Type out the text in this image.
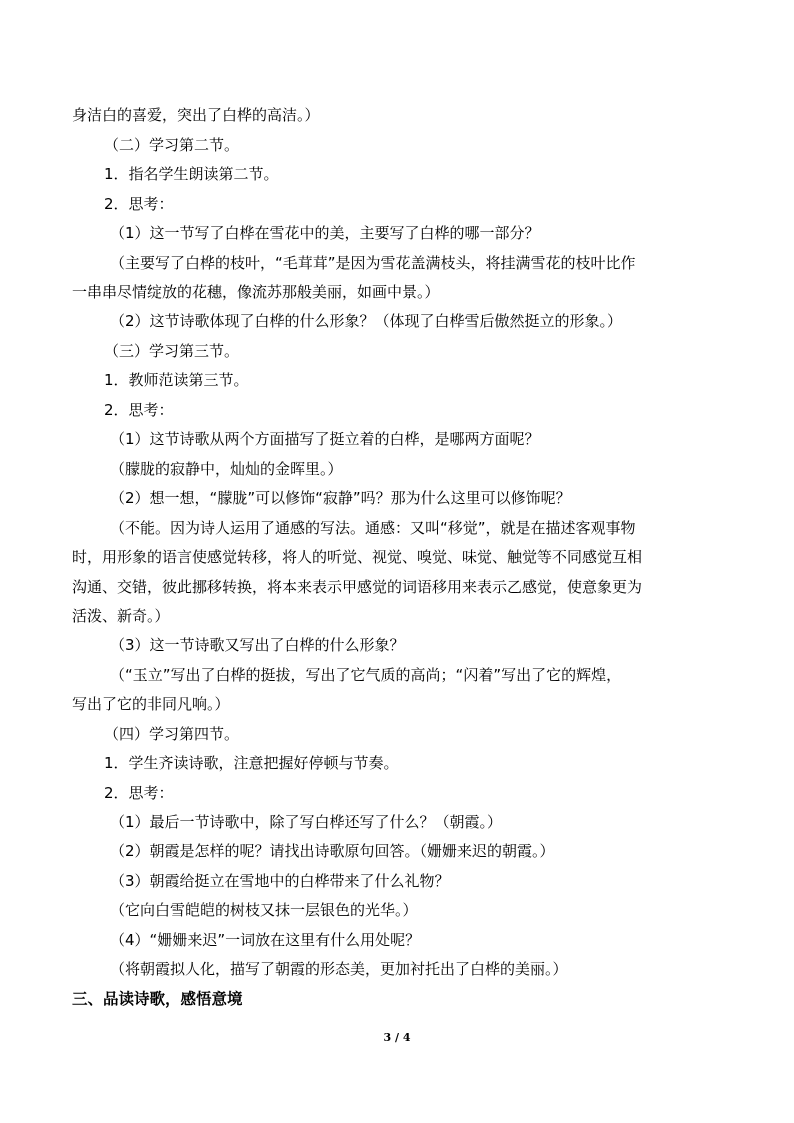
身洁白的喜爱，突出了白桦的高洁。）
（二）学习第二节。
1．指名学生朗读第二节。
2．思考：
（1）这一节写了白桦在雪花中的美，主要写了白桦的哪一部分？
（主要写了白桦的枝叶，“毛茸茸”是因为雪花盖满枝头，将挂满雪花的枝叶比作
一串串尽情绽放的花穗，像流苏那般美丽，如画中景。）
（2）这节诗歌体现了白桦的什么形象？（体现了白桦雪后傲然挺立的形象。）
（三）学习第三节。
1．教师范读第三节。
2．思考：
（1）这节诗歌从两个方面描写了挺立着的白桦，是哪两方面呢？
（朦胧的寂静中，灿灿的金晖里。）
（2）想一想，“朦胧”可以修饰“寂静”吗？那为什么这里可以修饰呢？
（不能。因为诗人运用了通感的写法。通感：又叫“移觉”，就是在描述客观事物
时，用形象的语言使感觉转移，将人的听觉、视觉、嗅觉、味觉、触觉等不同感觉互相
沟通、交错，彼此挪移转换，将本来表示甲感觉的词语移用来表示乙感觉，使意象更为
活泼、新奇。）
（3）这一节诗歌又写出了白桦的什么形象？
（“玉立”写出了白桦的挺拔，写出了它气质的高尚；“闪着”写出了它的辉煌，
写出了它的非同凡响。）
（四）学习第四节。
1．学生齐读诗歌，注意把握好停顿与节奏。
2．思考：
（1）最后一节诗歌中，除了写白桦还写了什么？（朝霞。）
（2）朝霞是怎样的呢？请找出诗歌原句回答。（姗姗来迟的朝霞。）
（3）朝霞给挺立在雪地中的白桦带来了什么礼物？
（它向白雪皑皑的树枝又抹一层银色的光华。）
（4）“姗姗来迟”一词放在这里有什么用处呢？
（将朝霞拟人化，描写了朝霞的形态美，更加衬托出了白桦的美丽。）
三、品读诗歌，感悟意境
3 / 4
